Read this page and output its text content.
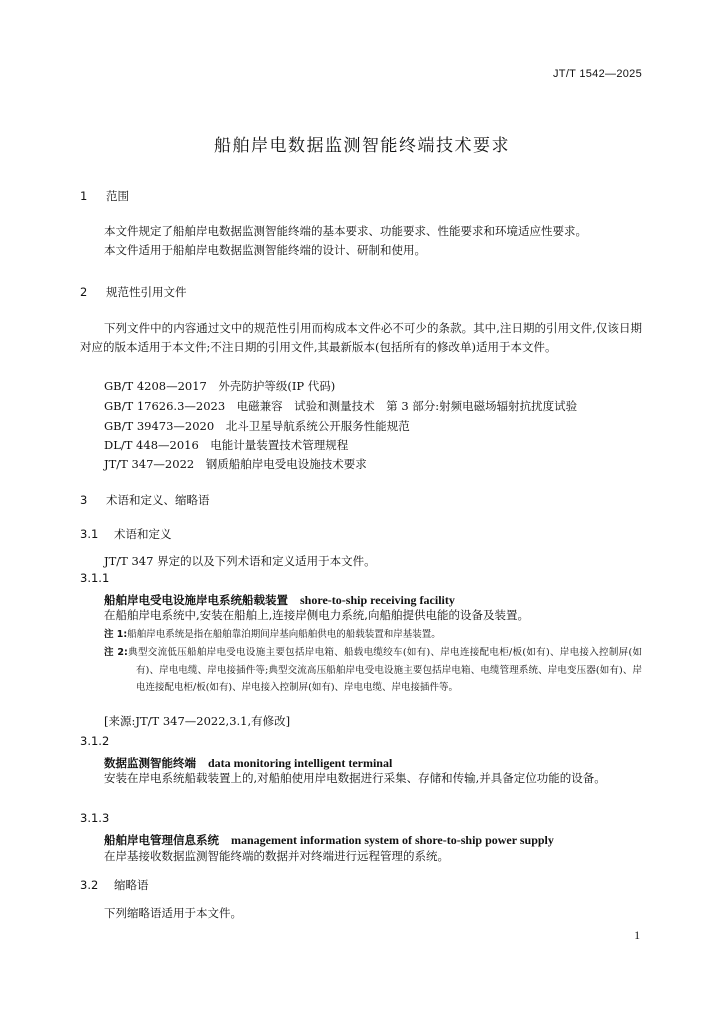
JT/T 1542—2025
船舶岸电数据监测智能终端技术要求
1 范围

本文件规定了船舶岸电数据监测智能终端的基本要求、功能要求、性能要求和环境适应性要求。

本文件适用于船舶岸电数据监测智能终端的设计、研制和使用。

2 规范性引用文件

下列文件中的内容通过文中的规范性引用而构成本文件必不可少的条款。其中,注日期的引用文件,仅该日期对应的版本适用于本文件;不注日期的引用文件,其最新版本(包括所有的修改单)适用于本文件。

GB/T 4208—2017　 外壳防护等级(IP 代码)
GB/T 17626.3—2023　 电磁兼容　试验和测量技术　第 3 部分:射频电磁场辐射抗扰度试验
GB/T 39473—2020　 北斗卫星导航系统公开服务性能规范
DL/T 448—2016　 电能计量装置技术管理规程
JT/T 347—2022　 钢质船舶岸电受电设施技术要求
3 术语和定义、缩略语
3.1 术语和定义

JT/T 347 界定的以及下列术语和定义适用于本文件。

3.1.1
船舶岸电受电设施岸电系统船载装置 shore-to-ship receiving facility

在船舶岸电系统中,安装在船舶上,连接岸侧电力系统,向船舶提供电能的设备及装置。

注 1:船舶岸电系统是指在船舶靠泊期间岸基向船舶供电的船载装置和岸基装置。
注 2:典型交流低压船舶岸电受电设施主要包括岸电箱、船载电缆绞车(如有)、岸电连接配电柜/板(如有)、岸电接入控制屏(如有)、岸电电缆、岸电接插件等;典型交流高压船舶岸电受电设施主要包括岸电箱、电缆管理系统、岸电变压器(如有)、岸电连接配电柜/板(如有)、岸电接入控制屏(如有)、岸电电缆、岸电接插件等。

[来源:JT/T 347—2022,3.1,有修改]

3.1.2
数据监测智能终端 data monitoring intelligent terminal

安装在岸电系统船载装置上的,对船舶使用岸电数据进行采集、存储和传输,并具备定位功能的设备。

3.1.3
船舶岸电管理信息系统 management information system of shore-to-ship power supply

在岸基接收数据监测智能终端的数据并对终端进行远程管理的系统。

3.2 缩略语

下列缩略语适用于本文件。

1
